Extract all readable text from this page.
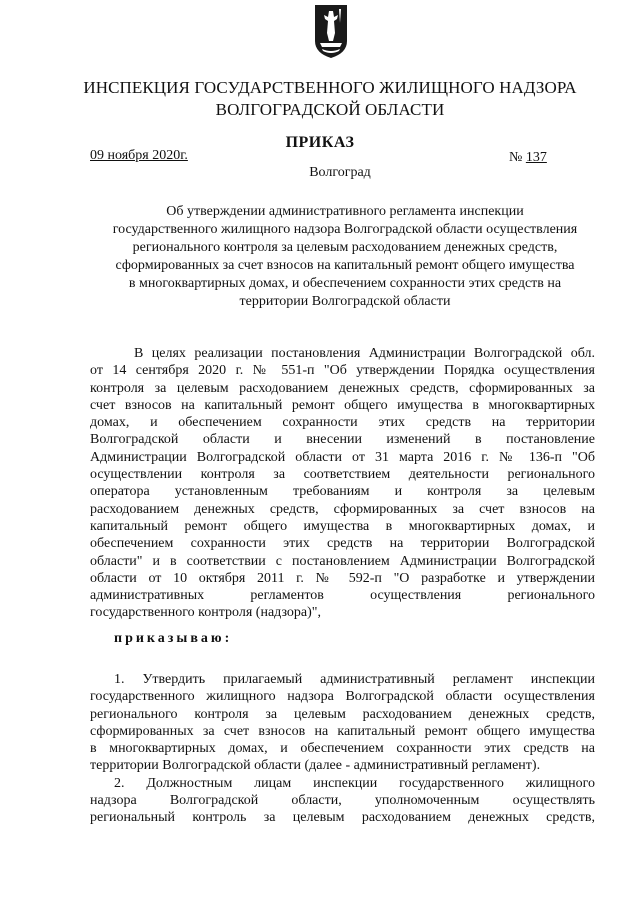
ИНСПЕКЦИЯ ГОСУДАРСТВЕННОГО ЖИЛИЩНОГО НАДЗОРА
ВОЛГОГРАДСКОЙ ОБЛАСТИ
ПРИКАЗ
09 ноября 2020г.	№ 137
Волгоград
Об утверждении административного регламента инспекции
государственного жилищного надзора Волгоградской области осуществления
регионального контроля за целевым расходованием денежных средств,
сформированных за счет взносов на капитальный ремонт общего имущества
в многоквартирных домах, и обеспечением сохранности этих средств на
территории Волгоградской области
В целях реализации постановления Администрации Волгоградской обл.
от 14 сентября 2020 г. № 551-п "Об утверждении Порядка осуществления
контроля за целевым расходованием денежных средств, сформированных за
счет взносов на капитальный ремонт общего имущества в многоквартирных
домах, и обеспечением сохранности этих средств на территории
Волгоградской области и внесении изменений в постановление
Администрации Волгоградской области от 31 марта 2016 г. № 136-п "Об
осуществлении контроля за соответствием деятельности регионального
оператора установленным требованиям и контроля за целевым
расходованием денежных средств, сформированных за счет взносов на
капитальный ремонт общего имущества в многоквартирных домах, и
обеспечением сохранности этих средств на территории Волгоградской
области" и в соответствии с постановлением Администрации Волгоградской
области от 10 октября 2011 г. № 592-п "О разработке и утверждении
административных регламентов осуществления регионального
государственного контроля (надзора)",
приказываю:
1. Утвердить прилагаемый административный регламент инспекции
государственного жилищного надзора Волгоградской области осуществления
регионального контроля за целевым расходованием денежных средств,
сформированных за счет взносов на капитальный ремонт общего имущества
в многоквартирных домах, и обеспечением сохранности этих средств на
территории Волгоградской области (далее - административный регламент).
2. Должностным лицам инспекции государственного жилищного
надзора Волгоградской области, уполномоченным осуществлять
региональный контроль за целевым расходованием денежных средств,
